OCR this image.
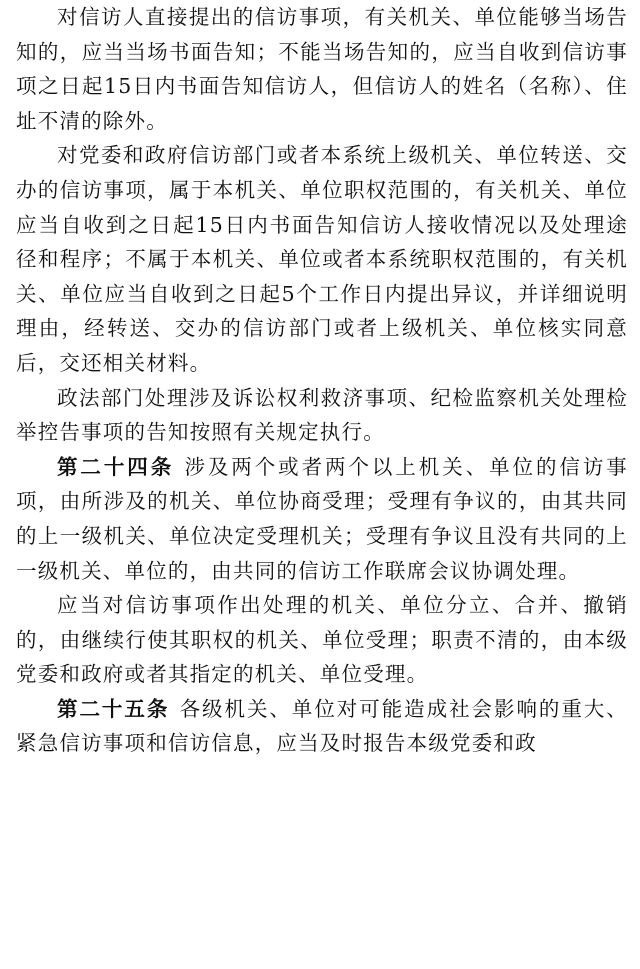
对信访人直接提出的信访事项，有关机关、单位能够当场告知的，应当当场书面告知；不能当场告知的，应当自收到信访事项之日起15日内书面告知信访人，但信访人的姓名（名称）、住址不清的除外。

对党委和政府信访部门或者本系统上级机关、单位转送、交办的信访事项，属于本机关、单位职权范围的，有关机关、单位应当自收到之日起15日内书面告知信访人接收情况以及处理途径和程序；不属于本机关、单位或者本系统职权范围的，有关机关、单位应当自收到之日起5个工作日内提出异议，并详细说明理由，经转送、交办的信访部门或者上级机关、单位核实同意后，交还相关材料。

政法部门处理涉及诉讼权利救济事项、纪检监察机关处理检举控告事项的告知按照有关规定执行。

第二十四条 涉及两个或者两个以上机关、单位的信访事项，由所涉及的机关、单位协商受理；受理有争议的，由其共同的上一级机关、单位决定受理机关；受理有争议且没有共同的上一级机关、单位的，由共同的信访工作联席会议协调处理。

应当对信访事项作出处理的机关、单位分立、合并、撤销的，由继续行使其职权的机关、单位受理；职责不清的，由本级党委和政府或者其指定的机关、单位受理。

第二十五条 各级机关、单位对可能造成社会影响的重大、紧急信访事项和信访信息，应当及时报告本级党委和政
